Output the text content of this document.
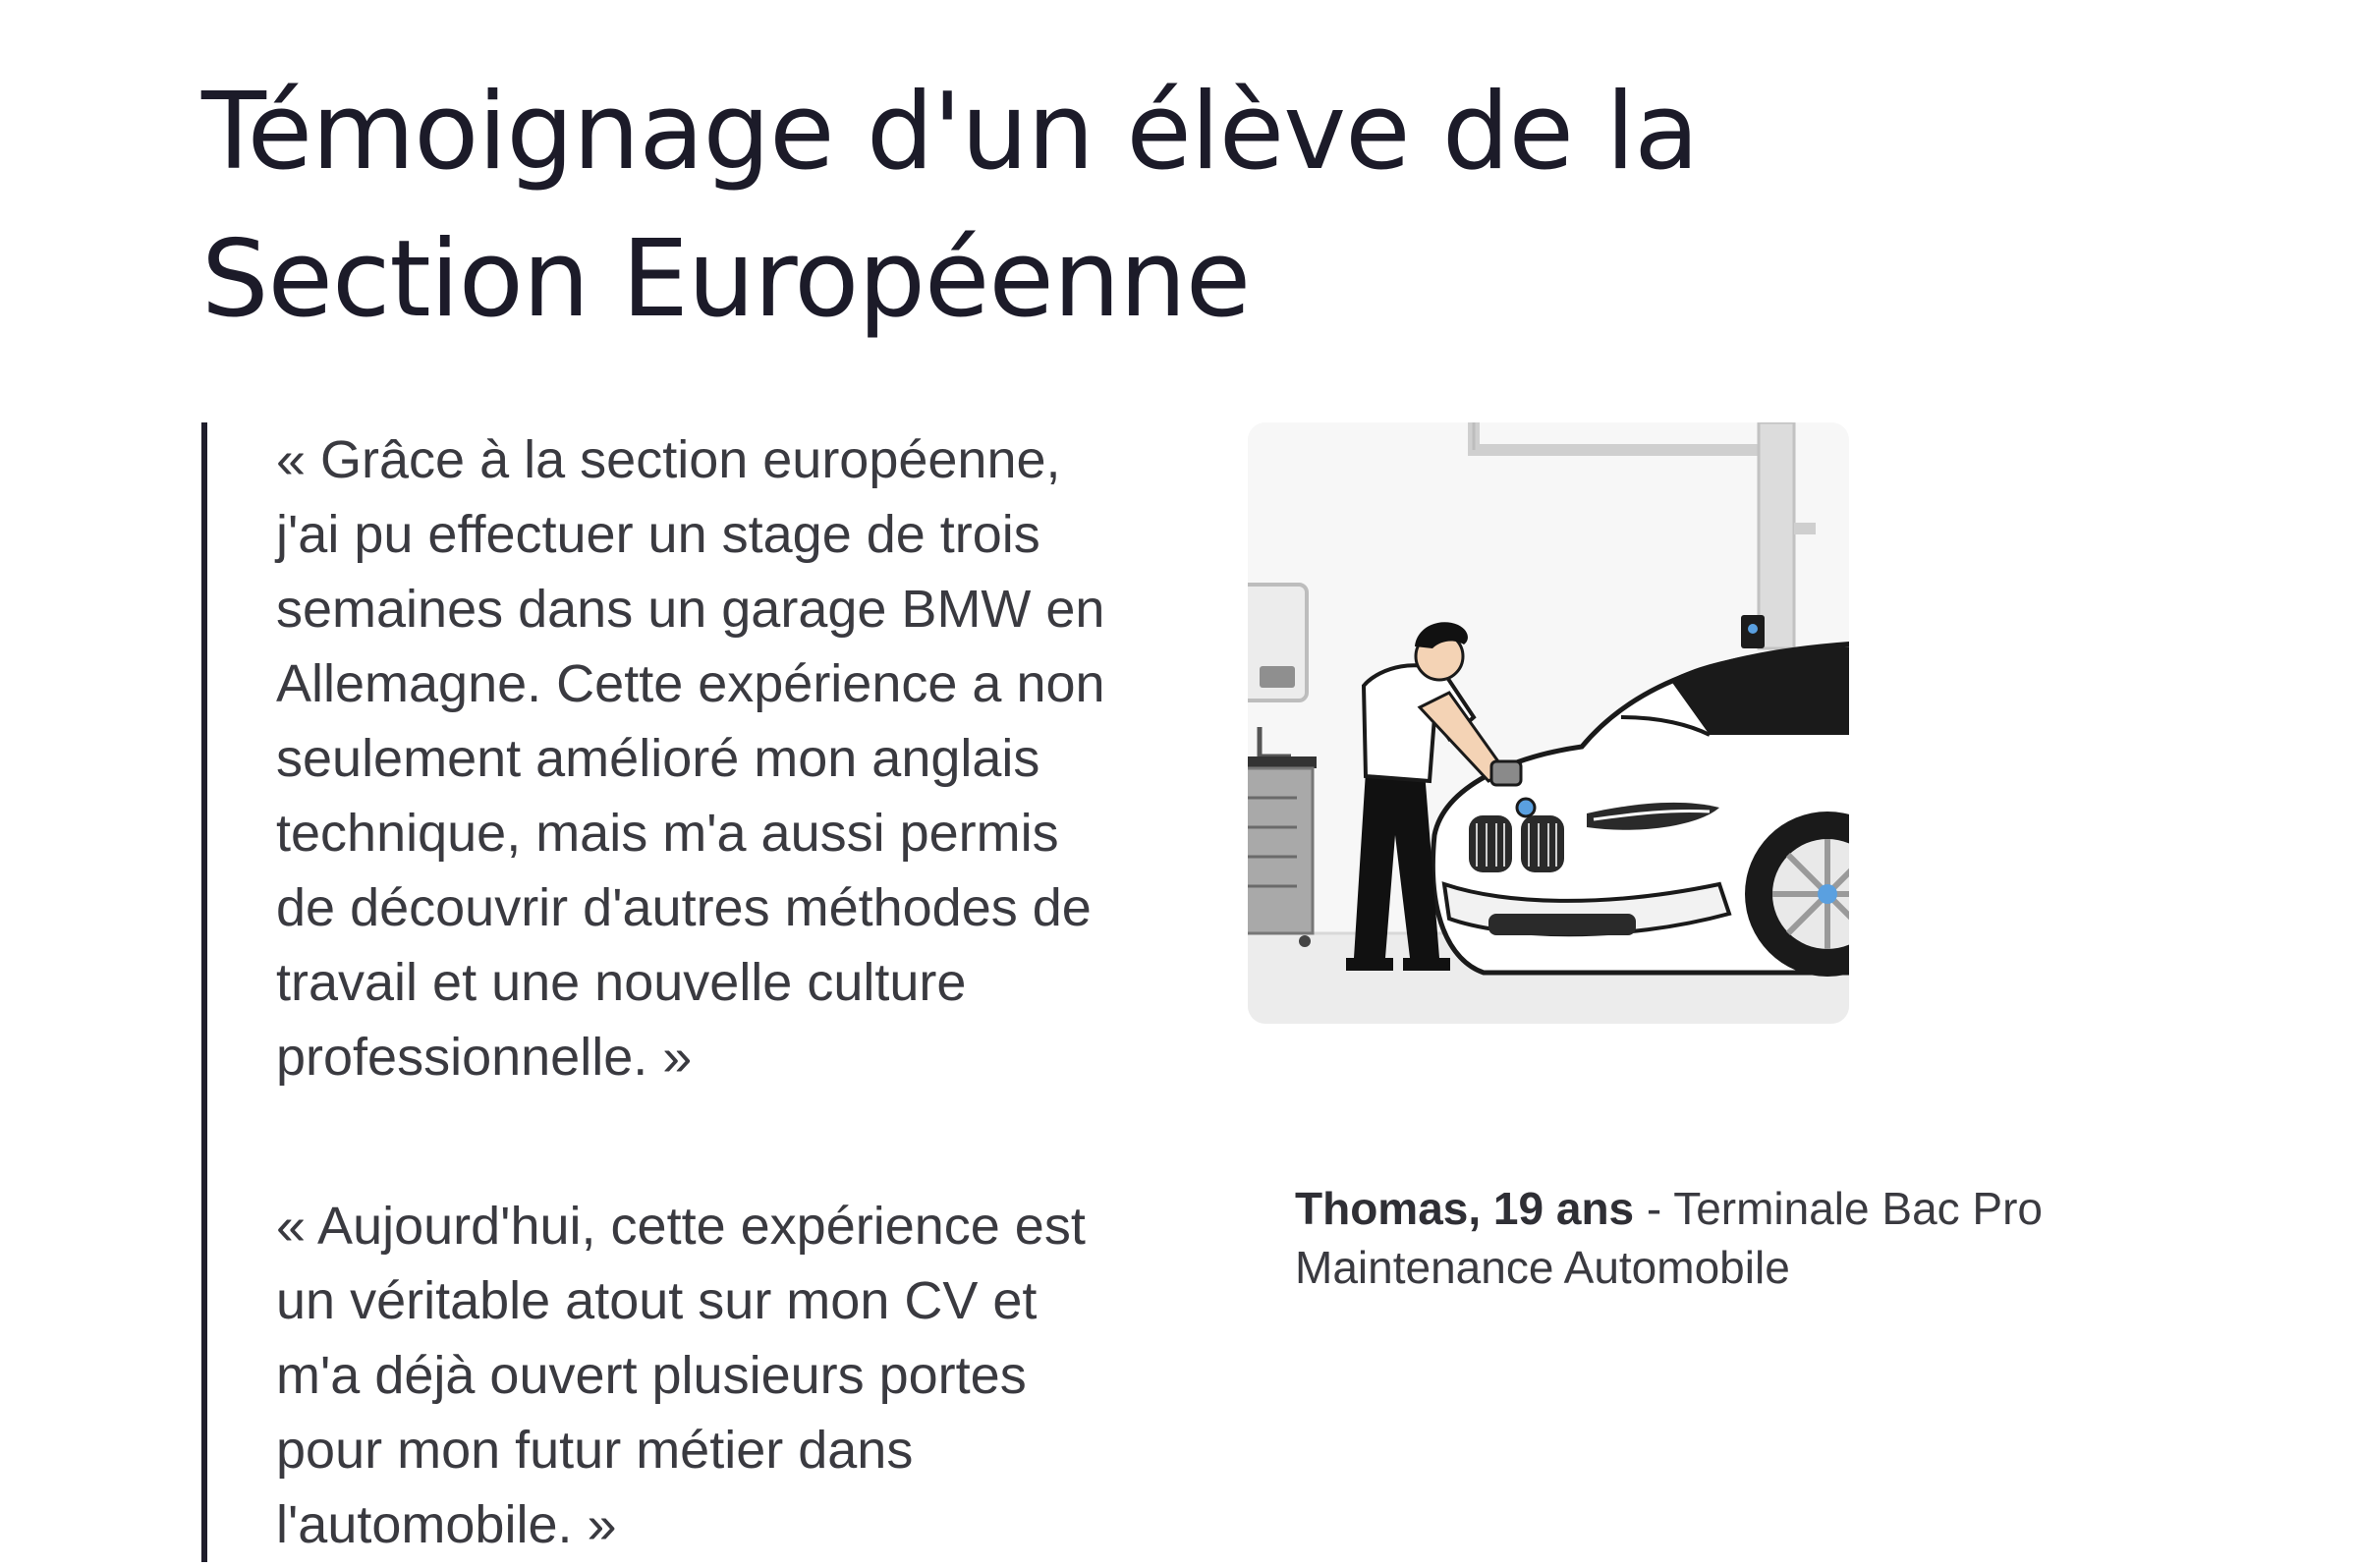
Témoignage d'un élève de la Section Européenne

« Grâce à la section européenne, j'ai pu effectuer un stage de trois semaines dans un garage BMW en Allemagne. Cette expérience a non seulement amélioré mon anglais technique, mais m'a aussi permis de découvrir d'autres méthodes de travail et une nouvelle culture professionnelle. »

« Aujourd'hui, cette expérience est un véritable atout sur mon CV et m'a déjà ouvert plusieurs portes pour mon futur métier dans l'automobile. »

Thomas, 19 ans - Terminale Bac Pro Maintenance Automobile
